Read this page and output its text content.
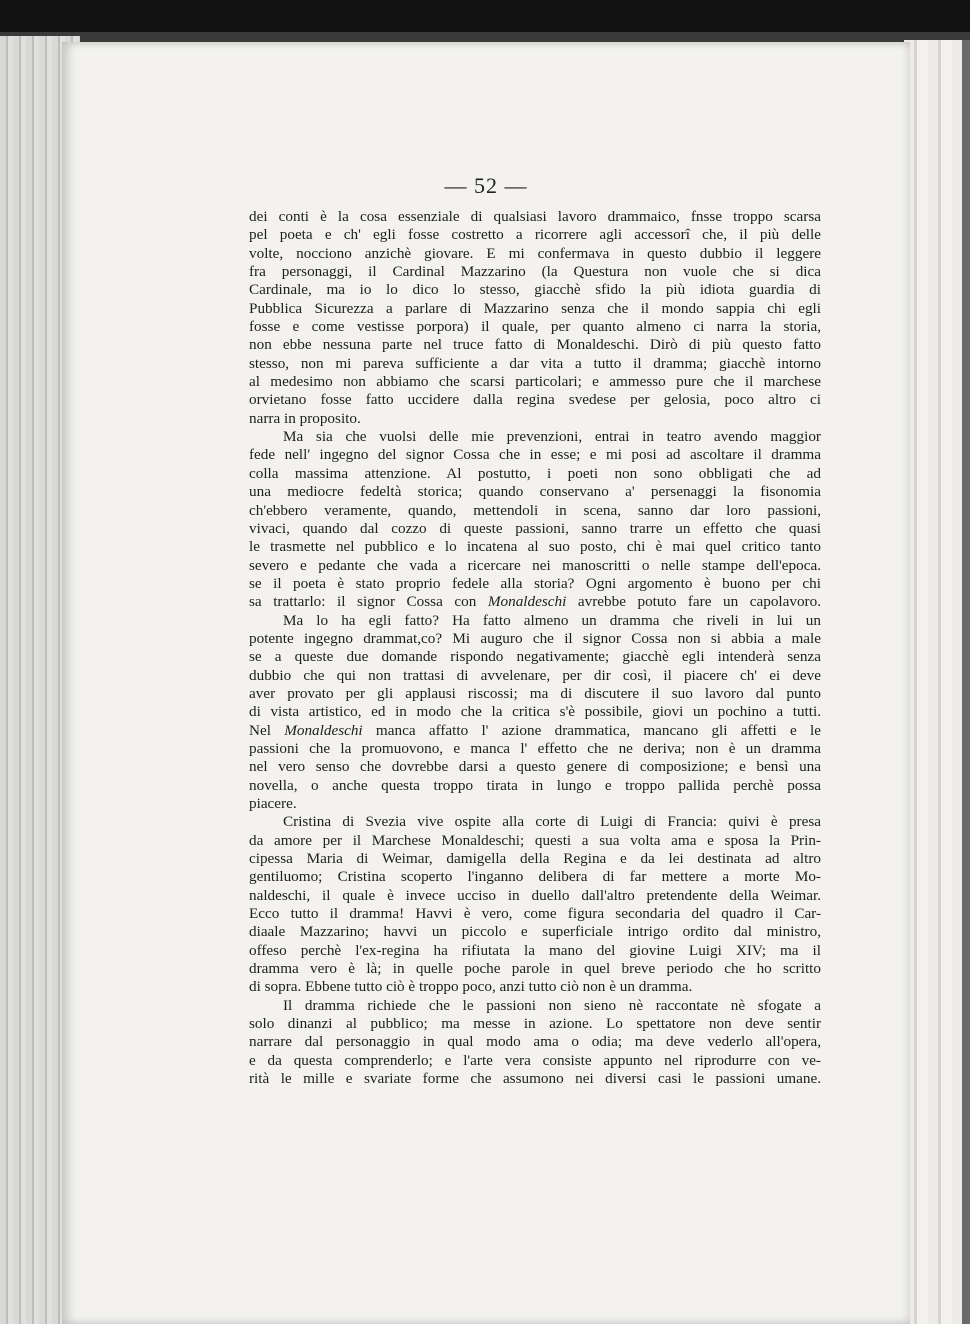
— 52 —
dei conti è la cosa essenziale di qualsiasi lavoro drammaico, fnsse troppo scarsa
pel poeta e ch' egli fosse costretto a ricorrere agli accessorî che, il più delle
volte, nocciono anzichè giovare. E mi confermava in questo dubbio il leggere
fra personaggi, il Cardinal Mazzarino (la Questura non vuole che si dica
Cardinale, ma io lo dico lo stesso, giacchè sfido la più idiota guardia di
Pubblica Sicurezza a parlare di Mazzarino senza che il mondo sappia chi egli
fosse e come vestisse porpora) il quale, per quanto almeno ci narra la storia,
non ebbe nessuna parte nel truce fatto di Monaldeschi. Dirò di più questo fatto
stesso, non mi pareva sufficiente a dar vita a tutto il dramma; giacchè intorno
al medesimo non abbiamo che scarsi particolari; e ammesso pure che il marchese
orvietano fosse fatto uccidere dalla regina svedese per gelosia, poco altro ci
narra in proposito.
Ma sia che vuolsi delle mie prevenzioni, entrai in teatro avendo maggior
fede nell' ingegno del signor Cossa che in esse; e mi posi ad ascoltare il dramma
colla massima attenzione. Al postutto, i poeti non sono obbligati che ad
una mediocre fedeltà storica; quando conservano a' persenaggi la fisonomia
ch'ebbero veramente, quando, mettendoli in scena, sanno dar loro passioni,
vivaci, quando dal cozzo di queste passioni, sanno trarre un effetto che quasi
le trasmette nel pubblico e lo incatena al suo posto, chi è mai quel critico tanto
severo e pedante che vada a ricercare nei manoscritti o nelle stampe dell'epoca.
se il poeta è stato proprio fedele alla storia? Ogni argomento è buono per chi
sa trattarlo: il signor Cossa con Monaldeschi avrebbe potuto fare un capolavoro.
Ma lo ha egli fatto? Ha fatto almeno un dramma che riveli in lui un
potente ingegno drammat,co? Mi auguro che il signor Cossa non si abbia a male
se a queste due domande rispondo negativamente; giacchè egli intenderà senza
dubbio che qui non trattasi di avvelenare, per dir così, il piacere ch' ei deve
aver provato per gli applausi riscossi; ma di discutere il suo lavoro dal punto
di vista artistico, ed in modo che la critica s'è possibile, giovi un pochino a tutti.
Nel Monaldeschi manca affatto l' azione drammatica, mancano gli affetti e le
passioni che la promuovono, e manca l' effetto che ne deriva; non è un dramma
nel vero senso che dovrebbe darsi a questo genere di composizione; e bensì una
novella, o anche questa troppo tirata in lungo e troppo pallida perchè possa
piacere.
Cristina di Svezia vive ospite alla corte di Luigi di Francia: quivi è presa
da amore per il Marchese Monaldeschi; questi a sua volta ama e sposa la Prin-
cipessa Maria di Weimar, damigella della Regina e da lei destinata ad altro
gentiluomo; Cristina scoperto l'inganno delibera di far mettere a morte Mo-
naldeschi, il quale è invece ucciso in duello dall'altro pretendente della Weimar.
Ecco tutto il dramma! Havvi è vero, come figura secondaria del quadro il Car-
diaale Mazzarino; havvi un piccolo e superficiale intrigo ordito dal ministro,
offeso perchè l'ex-regina ha rifiutata la mano del giovine Luigi XIV; ma il
dramma vero è là; in quelle poche parole in quel breve periodo che ho scritto
di sopra. Ebbene tutto ciò è troppo poco, anzi tutto ciò non è un dramma.
Il dramma richiede che le passioni non sieno nè raccontate nè sfogate a
solo dinanzi al pubblico; ma messe in azione. Lo spettatore non deve sentir
narrare dal personaggio in qual modo ama o odia; ma deve vederlo all'opera,
e da questa comprenderlo; e l'arte vera consiste appunto nel riprodurre con ve-
rità le mille e svariate forme che assumono nei diversi casi le passioni umane.
